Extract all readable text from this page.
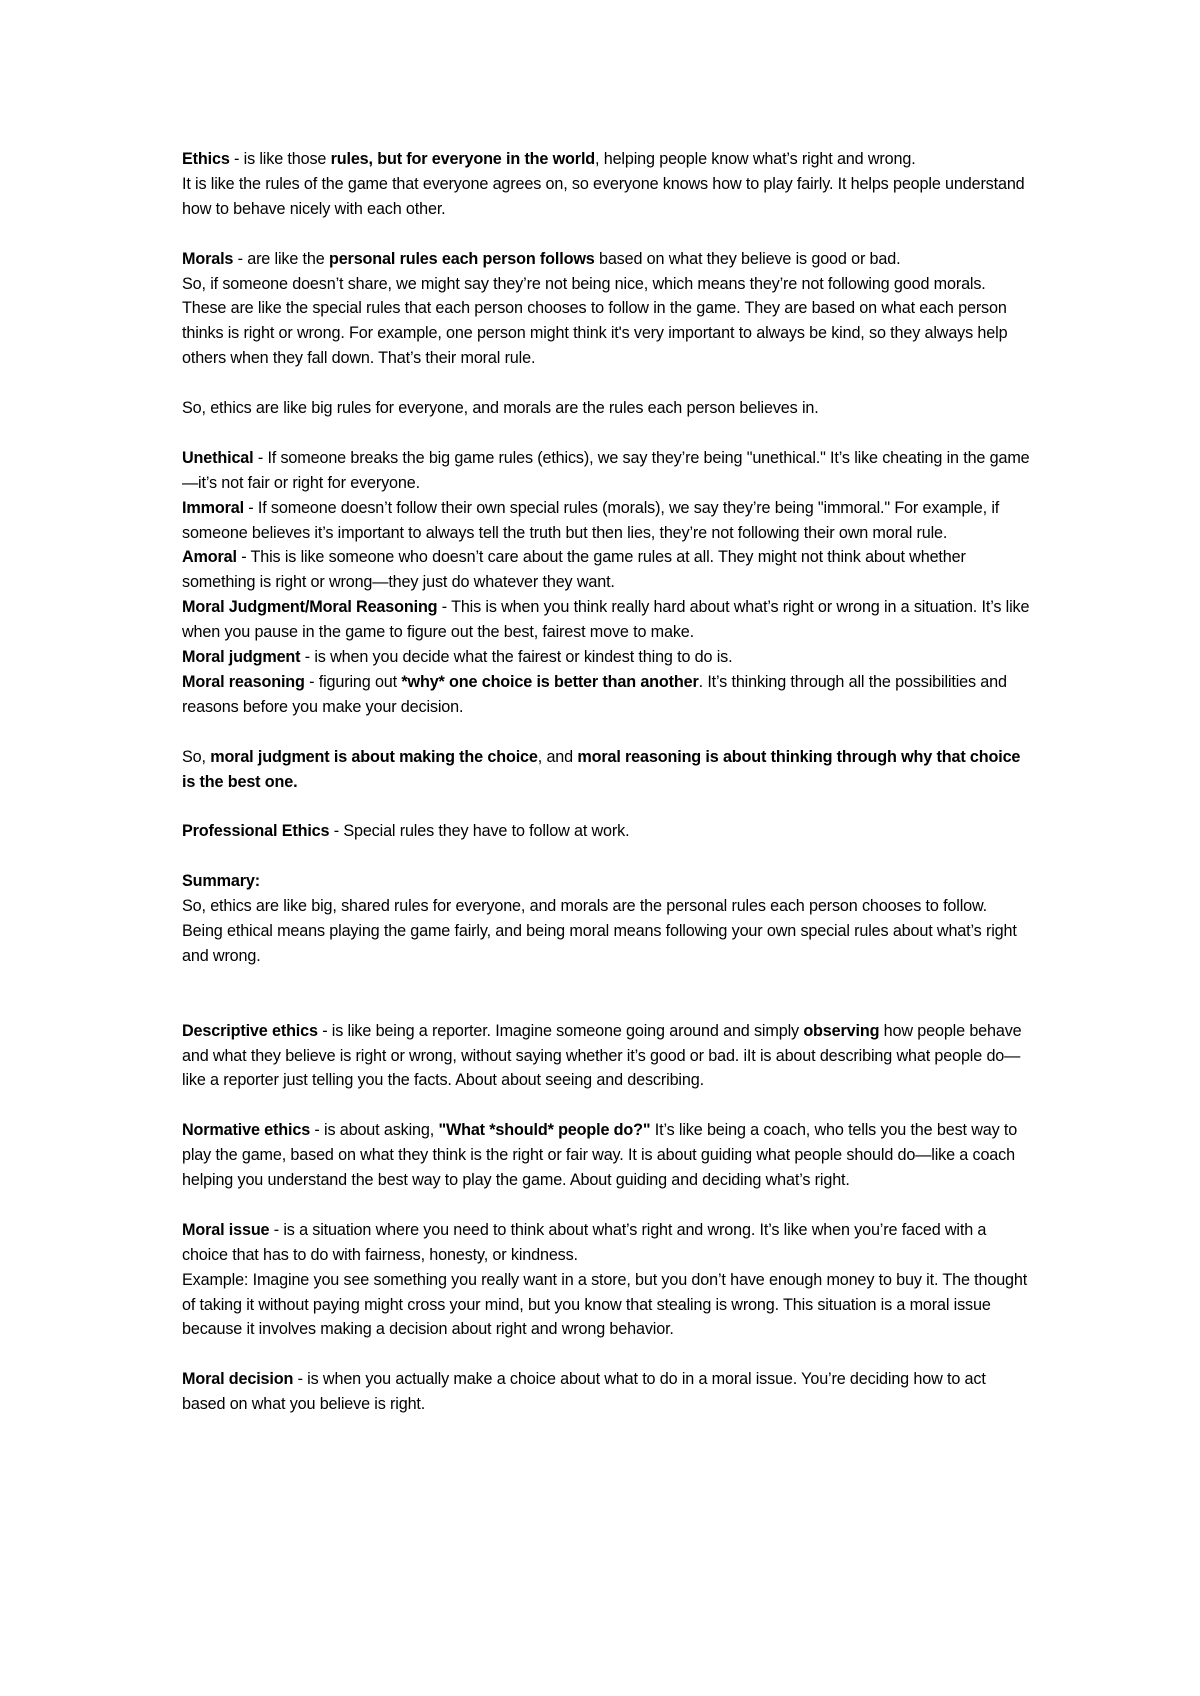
Ethics - is like those rules, but for everyone in the world, helping people know what’s right and wrong.

It is like the rules of the game that everyone agrees on, so everyone knows how to play fairly. It helps people understand how to behave nicely with each other.

Morals - are like the personal rules each person follows based on what they believe is good or bad.

So, if someone doesn’t share, we might say they’re not being nice, which means they’re not following good morals. These are like the special rules that each person chooses to follow in the game. They are based on what each person thinks is right or wrong. For example, one person might think it's very important to always be kind, so they always help others when they fall down. That’s their moral rule.

So, ethics are like big rules for everyone, and morals are the rules each person believes in.

Unethical - If someone breaks the big game rules (ethics), we say they’re being "unethical." It’s like cheating in the game—it’s not fair or right for everyone.

Immoral - If someone doesn’t follow their own special rules (morals), we say they’re being "immoral." For example, if someone believes it’s important to always tell the truth but then lies, they’re not following their own moral rule.

Amoral - This is like someone who doesn’t care about the game rules at all. They might not think about whether something is right or wrong—they just do whatever they want.

Moral Judgment/Moral Reasoning - This is when you think really hard about what’s right or wrong in a situation. It’s like when you pause in the game to figure out the best, fairest move to make.

Moral judgment - is when you decide what the fairest or kindest thing to do is.

Moral reasoning - figuring out *why* one choice is better than another. It’s thinking through all the possibilities and reasons before you make your decision.

So, moral judgment is about making the choice, and moral reasoning is about thinking through why that choice is the best one.

Professional Ethics - Special rules they have to follow at work.

Summary:

So, ethics are like big, shared rules for everyone, and morals are the personal rules each person chooses to follow. Being ethical means playing the game fairly, and being moral means following your own special rules about what’s right and wrong.

Descriptive ethics - is like being a reporter. Imagine someone going around and simply observing how people behave and what they believe is right or wrong, without saying whether it’s good or bad. iIt is about describing what people do—like a reporter just telling you the facts. About about seeing and describing.

Normative ethics - is about asking, "What *should* people do?" It’s like being a coach, who tells you the best way to play the game, based on what they think is the right or fair way. It is about guiding what people should do—like a coach helping you understand the best way to play the game. About guiding and deciding what’s right.

Moral issue - is a situation where you need to think about what’s right and wrong. It’s like when you’re faced with a choice that has to do with fairness, honesty, or kindness.

Example: Imagine you see something you really want in a store, but you don’t have enough money to buy it. The thought of taking it without paying might cross your mind, but you know that stealing is wrong. This situation is a moral issue because it involves making a decision about right and wrong behavior.

Moral decision - is when you actually make a choice about what to do in a moral issue. You’re deciding how to act based on what you believe is right.
